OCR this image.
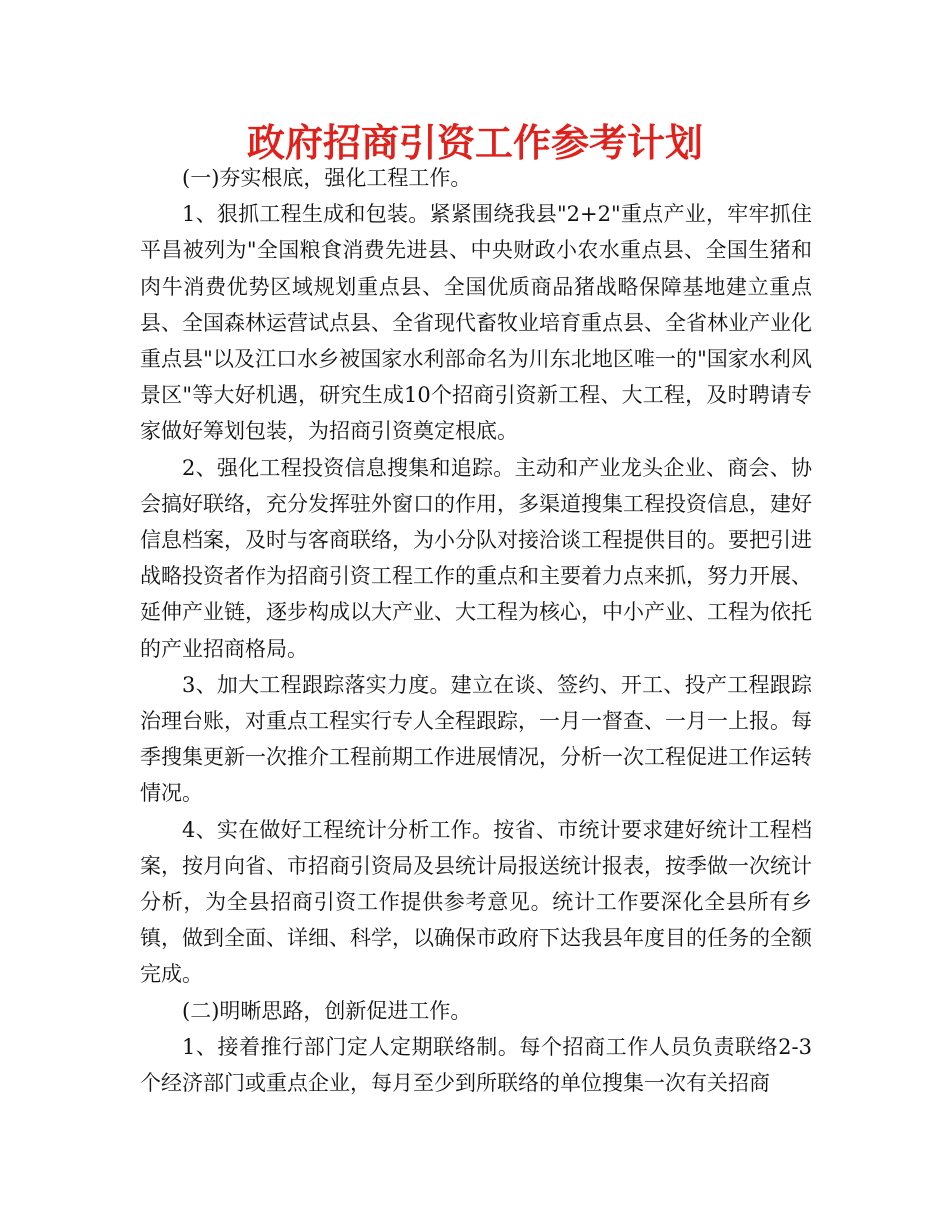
政府招商引资工作参考计划

(一)夯实根底，强化工程工作。

1、狠抓工程生成和包装。紧紧围绕我县"2+2"重点产业，牢牢抓住平昌被列为"全国粮食消费先进县、中央财政小农水重点县、全国生猪和肉牛消费优势区域规划重点县、全国优质商品猪战略保障基地建立重点县、全国森林运营试点县、全省现代畜牧业培育重点县、全省林业产业化重点县"以及江口水乡被国家水利部命名为川东北地区唯一的"国家水利风景区"等大好机遇，研究生成10个招商引资新工程、大工程，及时聘请专家做好筹划包装，为招商引资奠定根底。

2、强化工程投资信息搜集和追踪。主动和产业龙头企业、商会、协会搞好联络，充分发挥驻外窗口的作用，多渠道搜集工程投资信息，建好信息档案，及时与客商联络，为小分队对接洽谈工程提供目的。要把引进战略投资者作为招商引资工程工作的重点和主要着力点来抓，努力开展、延伸产业链，逐步构成以大产业、大工程为核心，中小产业、工程为依托的产业招商格局。

3、加大工程跟踪落实力度。建立在谈、签约、开工、投产工程跟踪治理台账，对重点工程实行专人全程跟踪，一月一督查、一月一上报。每季搜集更新一次推介工程前期工作进展情况，分析一次工程促进工作运转情况。

4、实在做好工程统计分析工作。按省、市统计要求建好统计工程档案，按月向省、市招商引资局及县统计局报送统计报表，按季做一次统计分析，为全县招商引资工作提供参考意见。统计工作要深化全县所有乡镇，做到全面、详细、科学，以确保市政府下达我县年度目的任务的全额完成。

(二)明晰思路，创新促进工作。

1、接着推行部门定人定期联络制。每个招商工作人员负责联络2-3个经济部门或重点企业，每月至少到所联络的单位搜集一次有关招商
